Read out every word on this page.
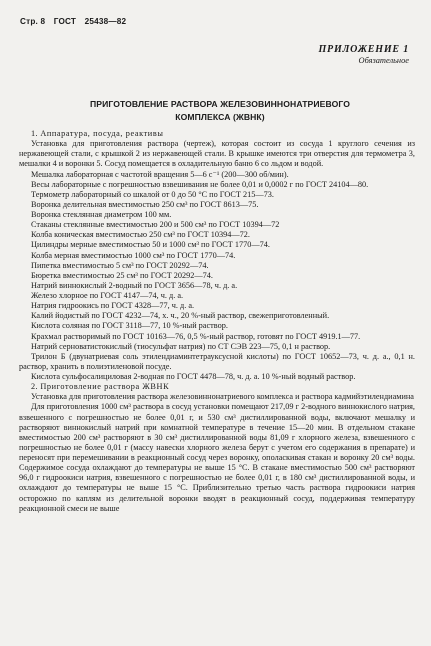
Стр. 8 ГОСТ 25438—82
ПРИЛОЖЕНИЕ 1
Обязательное
ПРИГОТОВЛЕНИЕ РАСТВОРА ЖЕЛЕЗОВИННОНАТРИЕВОГО
КОМПЛЕКСА (ЖВНК)

1. Аппаратура, посуда, реактивы

Установка для приготовления раствора (чертеж), которая состоит из сосуда 1 круглого сечения из нержавеющей стали, с крышкой 2 из нержавеющей стали. В крышке имеются три отверстия для термометра 3, мешалки 4 и воронки 5. Сосуд помещается в охладительную баню 6 со льдом и водой.

Мешалка лабораторная с частотой вращения 5—6 с⁻¹ (200—300 об/мин).

Весы лабораторные с погрешностью взвешивания не более 0,01 и 0,0002 г по ГОСТ 24104—80.

Термометр лабораторный со шкалой от 0 до 50 °С по ГОСТ 215—73.

Воронка делительная вместимостью 250 см³ по ГОСТ 8613—75.

Воронка стеклянная диаметром 100 мм.

Стаканы стеклянные вместимостью 200 и 500 см³ по ГОСТ 10394—72

Колба коническая вместимостью 250 см³ по ГОСТ 10394—72.

Цилиндры мерные вместимостью 50 и 1000 см³ по ГОСТ 1770—74.

Колба мерная вместимостью 1000 см³ по ГОСТ 1770—74.

Пипетка вместимостью 5 см³ по ГОСТ 20292—74.

Бюретка вместимостью 25 см³ по ГОСТ 20292—74.

Натрий виннокислый 2-водный по ГОСТ 3656—78, ч. д. а.

Железо хлорное по ГОСТ 4147—74, ч. д. а.

Натрия гидроокись по ГОСТ 4328—77, ч. д. а.

Калий йодистый по ГОСТ 4232—74, х. ч., 20 %-ный раствор, свежеприготовленный.

Кислота соляная по ГОСТ 3118—77, 10 %-ный раствор.

Крахмал растворимый по ГОСТ 10163—76, 0,5 %-ный раствор, готовят по ГОСТ 4919.1—77.

Натрий серноватистокислый (тиосульфат натрия) по СТ СЭВ 223—75, 0,1 н раствор.

Трилон Б (двунатриевая соль этилендиаминтетрауксусной кислоты) по ГОСТ 10652—73, ч. д. а., 0,1 н. раствор, хранить в полиэтиленовой посуде.

Кислота сульфосалициловая 2-водная по ГОСТ 4478—78, ч. д. а. 10 %-ный водный раствор.

2. Приготовление раствора ЖВНК

Установка для приготовления раствора железовиннонатриевого комплекса и раствора кадмийэтилендиамина

Для приготовления 1000 см³ раствора в сосуд установки помещают 217,09 г 2-водного виннокислого натрия, взвешенного с погрешностью не более 0,01 г, и 530 см³ дистиллированной воды, включают мешалку и растворяют виннокислый натрий при комнатной температуре в течение 15—20 мин. В отдельном стакане вместимостью 200 см³ растворяют в 30 см³ дистиллированной воды 81,09 г хлорного железа, взвешенного с погрешностью не более 0,01 г (массу навески хлорного железа берут с учетом его содержания в препарате) и переносят при перемешивании в реакционный сосуд через воронку, ополаскивая стакан и воронку 20 см³ воды. Содержимое сосуда охлаждают до температуры не выше 15 °С. В стакане вместимостью 500 см³ растворяют 96,0 г гидроокиси натрия, взвешенного с погрешностью не более 0,01 г, в 180 см³ дистиллированной воды, и охлаждают до температуры не выше 15 °С. Приблизительно третью часть раствора гидроокиси натрия осторожно по каплям из делительной воронки вводят в реакционный сосуд, поддерживая температуру реакционной смеси не выше
